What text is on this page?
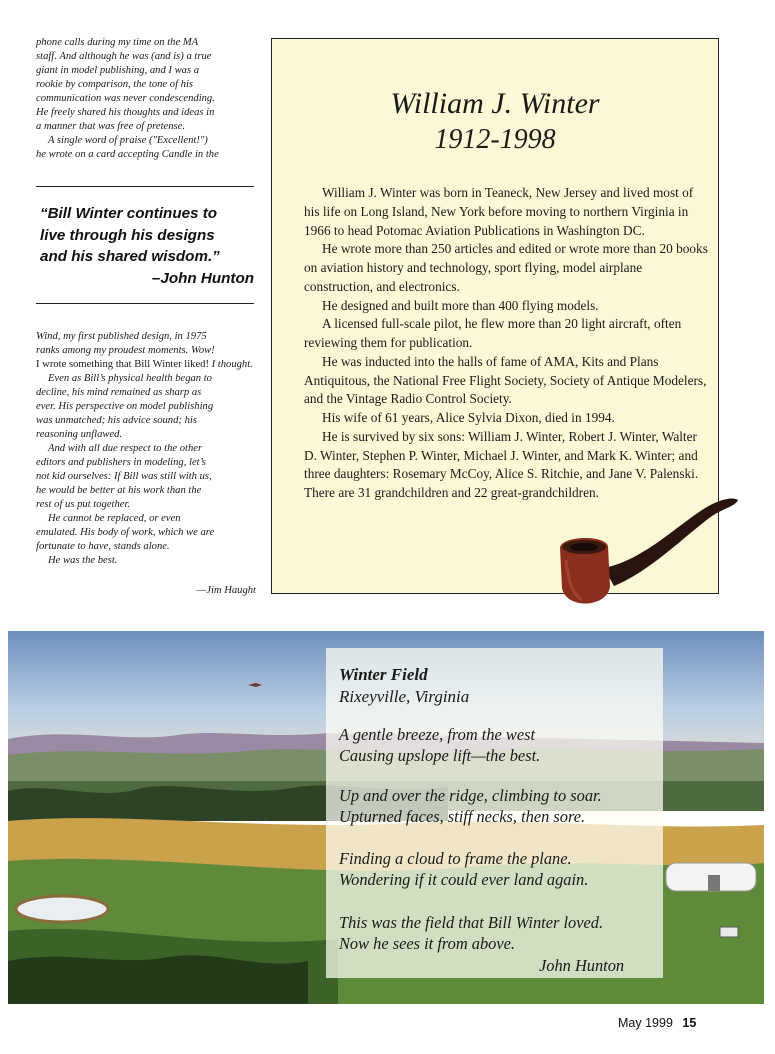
phone calls during my time on the MA

staff. And although he was (and is) a true

giant in model publishing, and I was a

rookie by comparison, the tone of his

communication was never condescending.

He freely shared his thoughts and ideas in

a manner that was free of pretense.

A single word of praise ("Excellent!")

he wrote on a card accepting Candle in the

“Bill Winter continues to
live through his designs
and his shared wisdom.”
–John Hunton

Wind, my first published design, in 1975

ranks among my proudest moments. Wow!

I wrote something that Bill Winter liked! I thought.

Even as Bill’s physical health began to

decline, his mind remained as sharp as

ever. His perspective on model publishing

was unmatched; his advice sound; his

reasoning unflawed.

And with all due respect to the other

editors and publishers in modeling, let’s

not kid ourselves: If Bill was still with us,

he would be better at his work than the

rest of us put together.

He cannot be replaced, or even

emulated. His body of work, which we are

fortunate to have, stands alone.

He was the best.

—Jim Haught
William J. Winter
1912-1998

William J. Winter was born in Teaneck, New Jersey and lived most of his life on Long Island, New York before moving to northern Virginia in 1966 to head Potomac Aviation Publications in Washington DC.

He wrote more than 250 articles and edited or wrote more than 20 books on aviation history and technology, sport flying, model airplane construction, and electronics.

He designed and built more than 400 flying models.

A licensed full-scale pilot, he flew more than 20 light aircraft, often reviewing them for publication.

He was inducted into the halls of fame of AMA, Kits and Plans Antiquitous, the National Free Flight Society, Society of Antique Modelers, and the Vintage Radio Control Society.

His wife of 61 years, Alice Sylvia Dixon, died in 1994.

He is survived by six sons: William J. Winter, Robert J. Winter, Walter D. Winter, Stephen P. Winter, Michael J. Winter, and Mark K. Winter; and three daughters: Rosemary McCoy, Alice S. Ritchie, and Jane V. Palenski. There are 31 grandchildren and 22 great-grandchildren.

Winter Field
Rixeyville, Virginia
A gentle breeze, from the west
Causing upslope lift—the best.
Up and over the ridge, climbing to soar.
Upturned faces, stiff necks, then sore.
Finding a cloud to frame the plane.
Wondering if it could ever land again.
This was the field that Bill Winter loved.
Now he sees it from above.
John Hunton
May 1999 15
